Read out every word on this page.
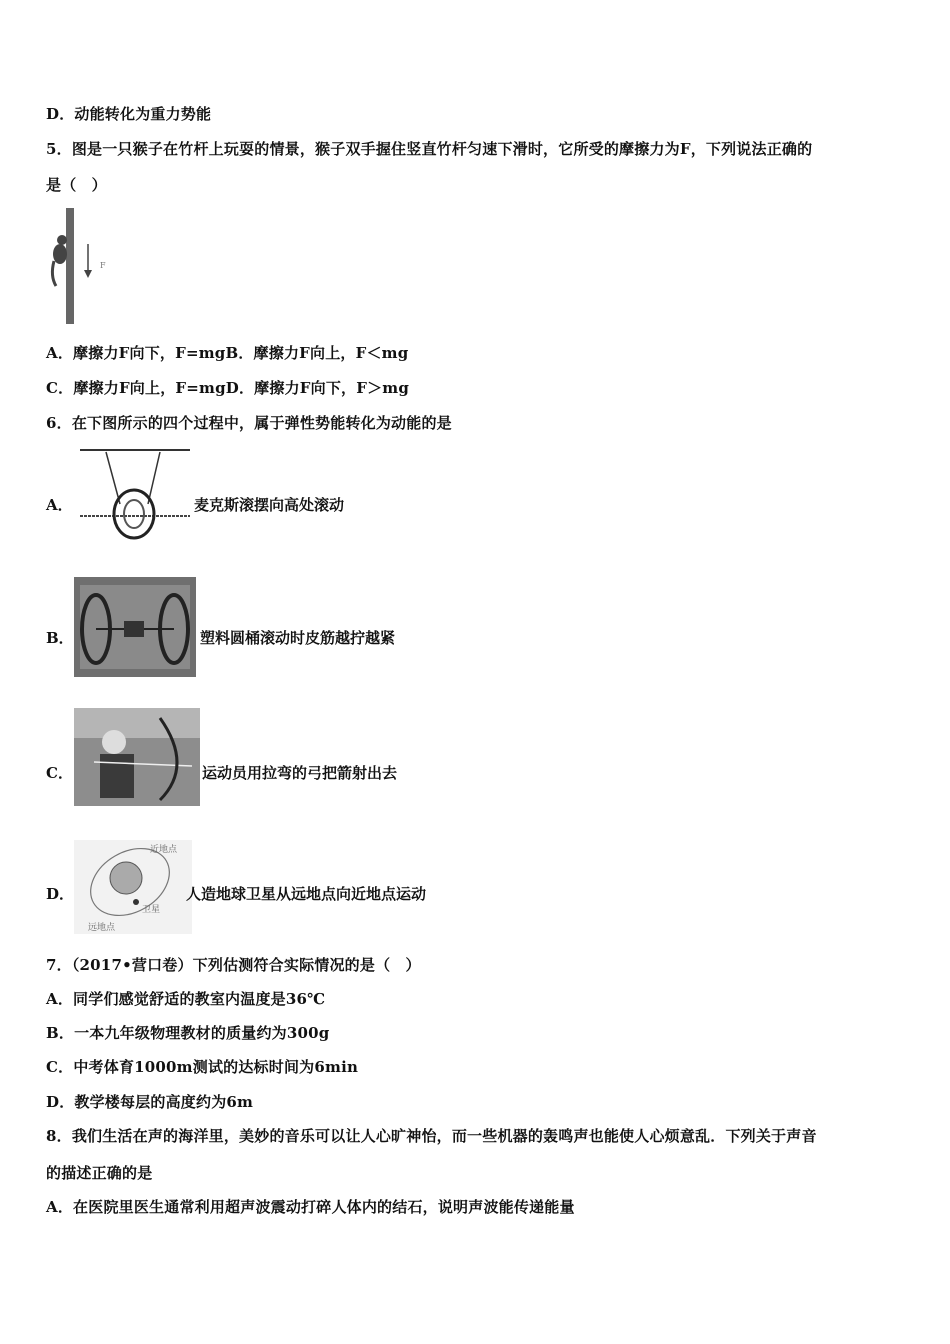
D．动能转化为重力势能
5．图是一只猴子在竹杆上玩耍的情景，猴子双手握住竖直竹杆匀速下滑时，它所受的摩擦力为F，下列说法正确的
是（　）
F
A．摩擦力F向下，F=mgB．摩擦力F向上，F＜mg
C．摩擦力F向上，F=mgD．摩擦力F向下，F＞mg
6．在下图所示的四个过程中，属于弹性势能转化为动能的是
A．	麦克斯滚摆向高处滚动
B．	塑料圆桶滚动时皮筋越拧越紧
C．	运动员用拉弯的弓把箭射出去
D．
近地点
卫星
远地点
人造地球卫星从远地点向近地点运动
7．（2017•营口卷）下列估测符合实际情况的是（　）
A．同学们感觉舒适的教室内温度是36℃
B．一本九年级物理教材的质量约为300g
C．中考体育1000m测试的达标时间为6min
D．教学楼每层的高度约为6m
8．我们生活在声的海洋里，美妙的音乐可以让人心旷神怡，而一些机器的轰鸣声也能使人心烦意乱．下列关于声音
的描述正确的是
A．在医院里医生通常利用超声波震动打碎人体内的结石，说明声波能传递能量
